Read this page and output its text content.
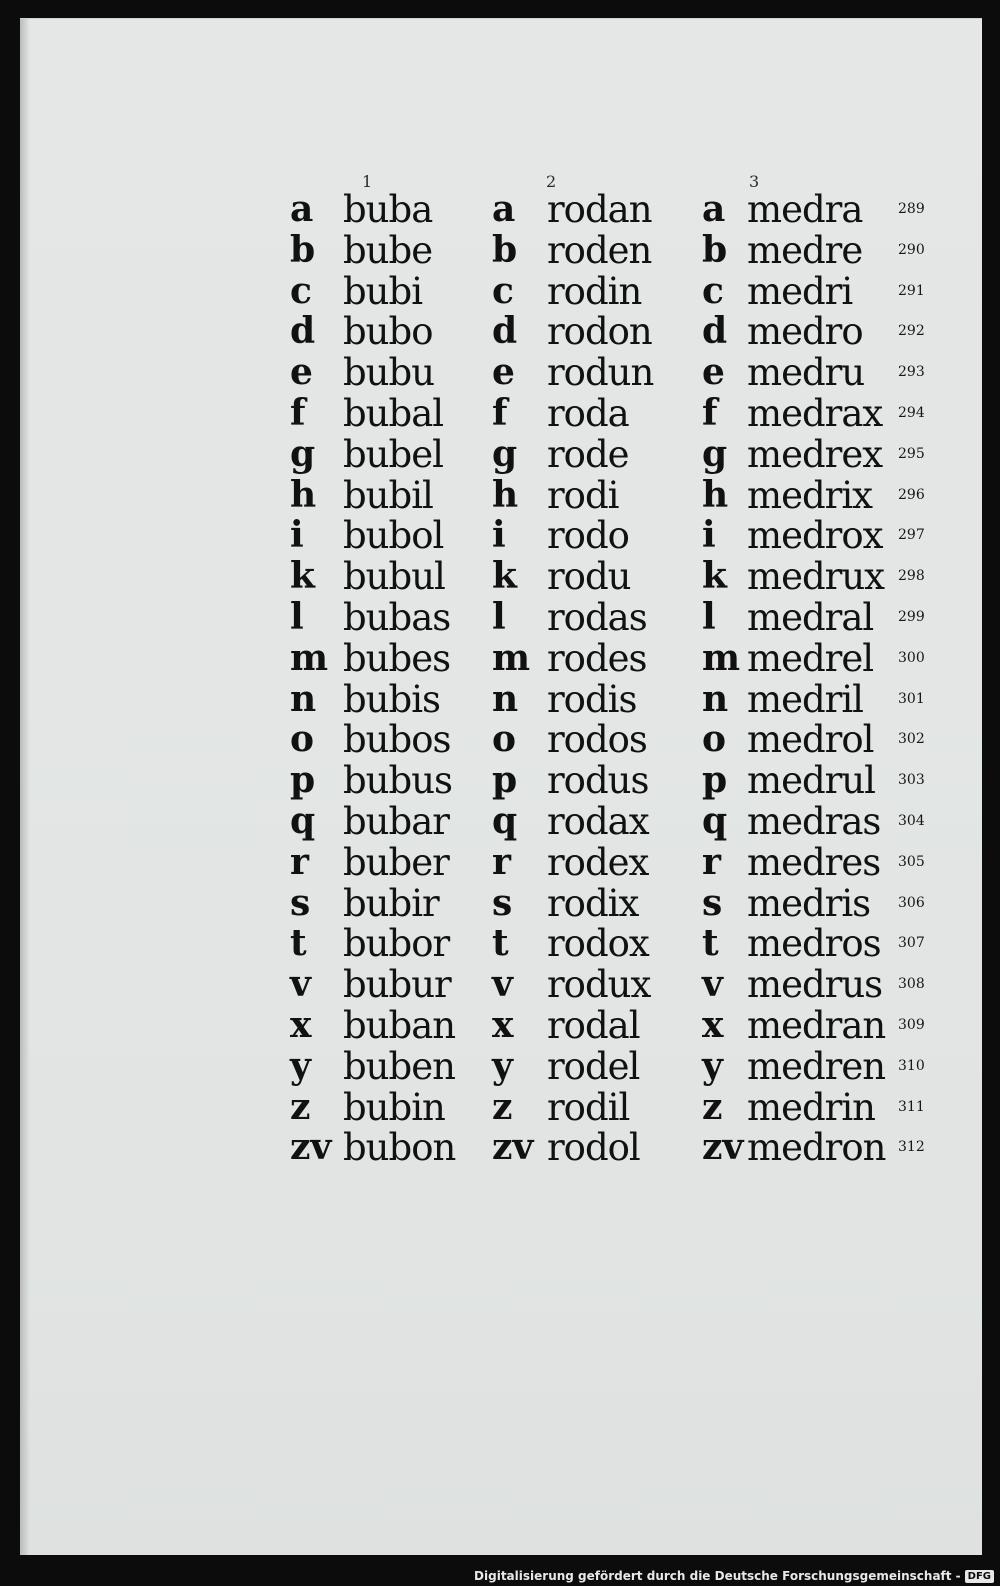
1	2	3
a buba a rodan a medra	289
b bube b roden b medre	290
c bubi c rodin c medri	291
d bubo d rodon d medro	292
e bubu e rodun e medru 293
f bubal f roda f medrax 294
g bubel g rode g medrex 295
h bubil h rodi h medrix 296
i bubol i rodo i medrox 297
k bubul k rodu k medrux 298
l bubas l rodas l medral 299
m bubes m rodes m medrel 300
n bubis n rodis n medril 301
o bubos o rodos o medrol 302
p bubus p rodus p medrul 303
q bubar q rodax q medras 304
r buber r rodex r medres 305
s bubir s rodix s medris 306
t bubor t rodox t medros 307
v bubur v rodux v medrus 308
x buban x rodal x medran 309
y buben y rodel y medren 310
z bubin z rodil z medrin 311
zv bubon zv rodol zv medron 312
Digitalisierung gefördert durch die Deutsche Forschungsgemeinschaft - DFG
